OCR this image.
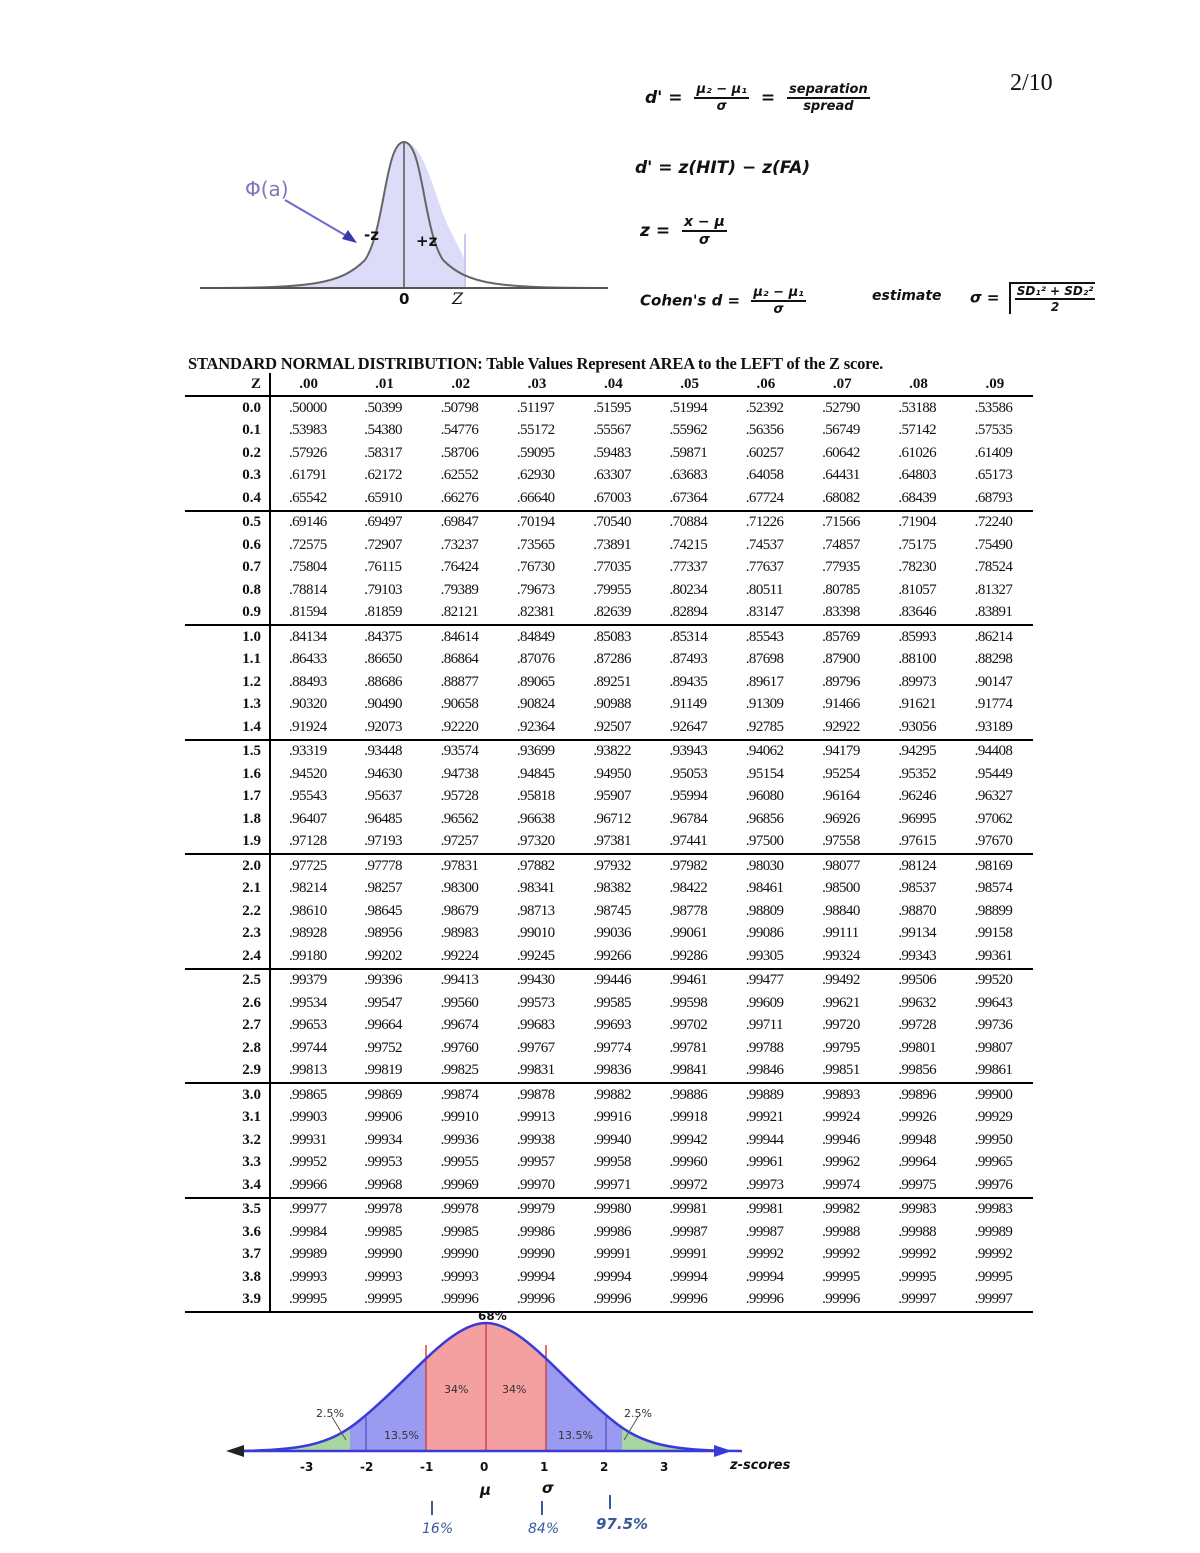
2/10
Φ(a)
-z +z
0	Z
$d' = \frac{\text{μ₂ − μ₁}}{\sigma}$ = separation
spread
d' = z(HIT) − z(FA)
$z = \frac{x - \mu}{\sigma}$
Cohen's $d = \frac{\text{μ₂ − μ₁}}{\sigma}$	estimate $\sigma = \frac{\text{SD₁² + SD₂²}}{2}$
STANDARD NORMAL DISTRIBUTION: Table Values Represent AREA to the LEFT of the Z score.
Z	.00	.01	.02	.03	.04	.05	.06	.07	.08	.09
0.0	.50000	.50399	.50798	.51197	.51595	.51994	.52392	.52790	.53188	.53586
0.1	.53983	.54380	.54776	.55172	.55567	.55962	.56356	.56749	.57142	.57535
0.2	.57926	.58317	.58706	.59095	.59483	.59871	.60257	.60642	.61026	.61409
0.3	.61791	.62172	.62552	.62930	.63307	.63683	.64058	.64431	.64803	.65173
0.4	.65542	.65910	.66276	.66640	.67003	.67364	.67724	.68082	.68439	.68793
0.5	.69146	.69497	.69847	.70194	.70540	.70884	.71226	.71566	.71904	.72240
0.6	.72575	.72907	.73237	.73565	.73891	.74215	.74537	.74857	.75175	.75490
0.7	.75804	.76115	.76424	.76730	.77035	.77337	.77637	.77935	.78230	.78524
0.8	.78814	.79103	.79389	.79673	.79955	.80234	.80511	.80785	.81057	.81327
0.9	.81594	.81859	.82121	.82381	.82639	.82894	.83147	.83398	.83646	.83891
1.0	.84134	.84375	.84614	.84849	.85083	.85314	.85543	.85769	.85993	.86214
1.1	.86433	.86650	.86864	.87076	.87286	.87493	.87698	.87900	.88100	.88298
1.2	.88493	.88686	.88877	.89065	.89251	.89435	.89617	.89796	.89973	.90147
1.3	.90320	.90490	.90658	.90824	.90988	.91149	.91309	.91466	.91621	.91774
1.4	.91924	.92073	.92220	.92364	.92507	.92647	.92785	.92922	.93056	.93189
1.5	.93319	.93448	.93574	.93699	.93822	.93943	.94062	.94179	.94295	.94408
1.6	.94520	.94630	.94738	.94845	.94950	.95053	.95154	.95254	.95352	.95449
1.7	.95543	.95637	.95728	.95818	.95907	.95994	.96080	.96164	.96246	.96327
1.8	.96407	.96485	.96562	.96638	.96712	.96784	.96856	.96926	.96995	.97062
1.9	.97128	.97193	.97257	.97320	.97381	.97441	.97500	.97558	.97615	.97670
2.0	.97725	.97778	.97831	.97882	.97932	.97982	.98030	.98077	.98124	.98169
2.1	.98214	.98257	.98300	.98341	.98382	.98422	.98461	.98500	.98537	.98574
2.2	.98610	.98645	.98679	.98713	.98745	.98778	.98809	.98840	.98870	.98899
2.3	.98928	.98956	.98983	.99010	.99036	.99061	.99086	.99111	.99134	.99158
2.4	.99180	.99202	.99224	.99245	.99266	.99286	.99305	.99324	.99343	.99361
2.5	.99379	.99396	.99413	.99430	.99446	.99461	.99477	.99492	.99506	.99520
2.6	.99534	.99547	.99560	.99573	.99585	.99598	.99609	.99621	.99632	.99643
2.7	.99653	.99664	.99674	.99683	.99693	.99702	.99711	.99720	.99728	.99736
2.8	.99744	.99752	.99760	.99767	.99774	.99781	.99788	.99795	.99801	.99807
2.9	.99813	.99819	.99825	.99831	.99836	.99841	.99846	.99851	.99856	.99861
3.0	.99865	.99869	.99874	.99878	.99882	.99886	.99889	.99893	.99896	.99900
3.1	.99903	.99906	.99910	.99913	.99916	.99918	.99921	.99924	.99926	.99929
3.2	.99931	.99934	.99936	.99938	.99940	.99942	.99944	.99946	.99948	.99950
3.3	.99952	.99953	.99955	.99957	.99958	.99960	.99961	.99962	.99964	.99965
3.4	.99966	.99968	.99969	.99970	.99971	.99972	.99973	.99974	.99975	.99976
3.5	.99977	.99978	.99978	.99979	.99980	.99981	.99981	.99982	.99983	.99983
3.6	.99984	.99985	.99985	.99986	.99986	.99987	.99987	.99988	.99988	.99989
3.7	.99989	.99990	.99990	.99990	.99991	.99991	.99992	.99992	.99992	.99992
3.8	.99993	.99993	.99993	.99994	.99994	.99994	.99994	.99995	.99995	.99995
3.9	.99995	.99995	.99996	.99996	.99996	.99996	.99996	.99996	.99997	.99997
68%
34%	34%
13.5%	13.5%
2.5%	2.5%
-3	-2	-1	0	1	2	3	z-scores
μ	σ
16%	84% 97.5%
